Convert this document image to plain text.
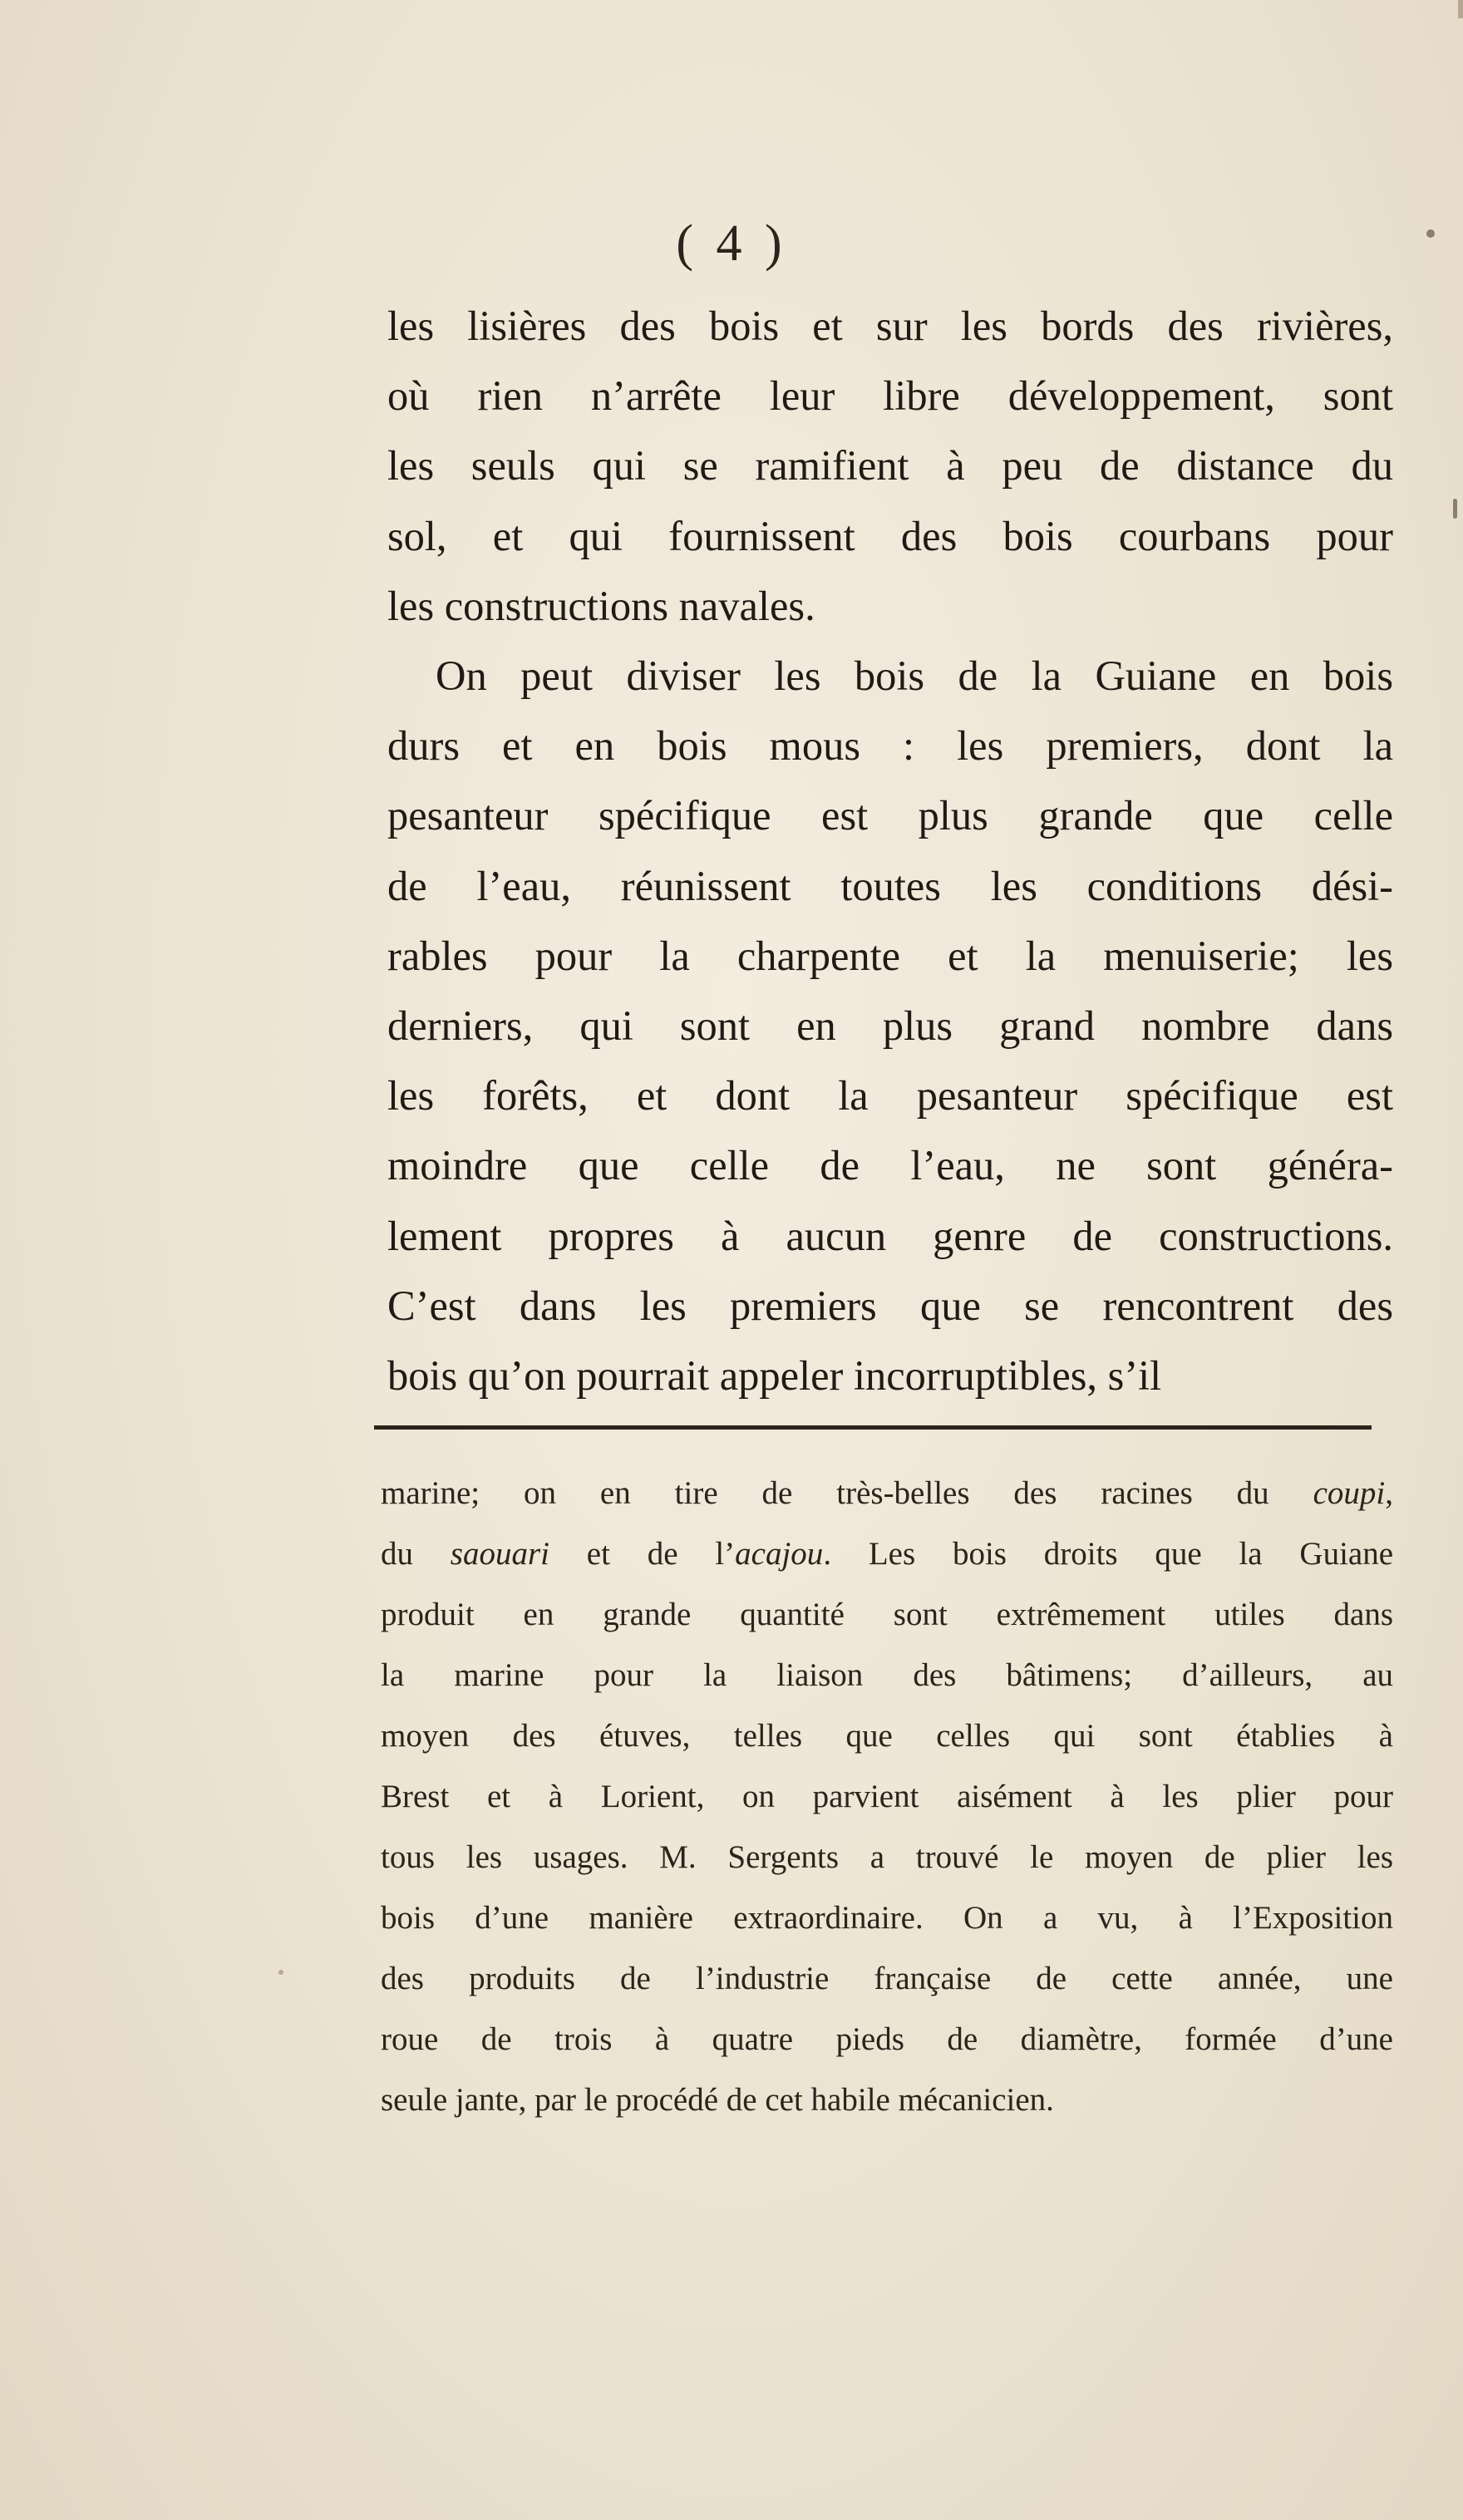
( 4 )
les lisières des bois et sur les bords des rivières,
où rien n’arrête leur libre développement, sont
les seuls qui se ramifient à peu de distance du
sol, et qui fournissent des bois courbans pour
les constructions navales.
On peut diviser les bois de la Guiane en bois
durs et en bois mous : les premiers, dont la
pesanteur spécifique est plus grande que celle
de l’eau, réunissent toutes les conditions dési-
rables pour la charpente et la menuiserie; les
derniers, qui sont en plus grand nombre dans
les forêts, et dont la pesanteur spécifique est
moindre que celle de l’eau, ne sont généra-
lement propres à aucun genre de constructions.
C’est dans les premiers que se rencontrent des
bois qu’on pourrait appeler incorruptibles, s’il
marine; on en tire de très-belles des racines du coupi,
du saouari et de l’acajou. Les bois droits que la Guiane
produit en grande quantité sont extrêmement utiles dans
la marine pour la liaison des bâtimens; d’ailleurs, au
moyen des étuves, telles que celles qui sont établies à
Brest et à Lorient, on parvient aisément à les plier pour
tous les usages. M. Sergents a trouvé le moyen de plier les
bois d’une manière extraordinaire. On a vu, à l’Exposition
des produits de l’industrie française de cette année, une
roue de trois à quatre pieds de diamètre, formée d’une
seule jante, par le procédé de cet habile mécanicien.
